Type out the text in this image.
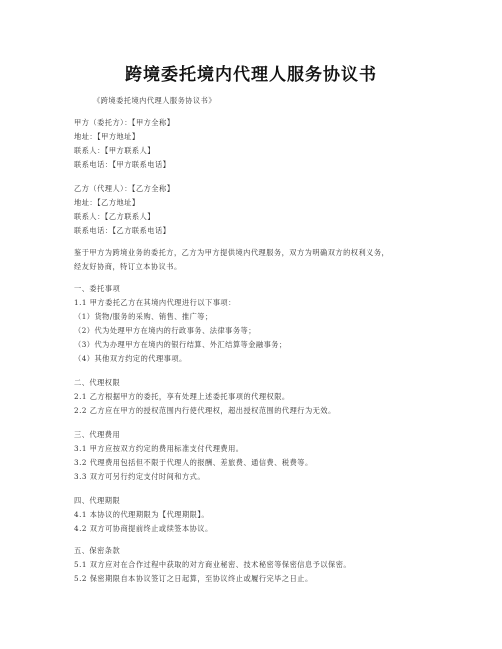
跨境委托境内代理人服务协议书
《跨境委托境内代理人服务协议书》
甲方（委托方）：【甲方全称】
地址：【甲方地址】
联系人：【甲方联系人】
联系电话：【甲方联系电话】
乙方（代理人）：【乙方全称】
地址：【乙方地址】
联系人：【乙方联系人】
联系电话：【乙方联系电话】
鉴于甲方为跨境业务的委托方，乙方为甲方提供境内代理服务，双方为明确双方的权利义务，
经友好协商，特订立本协议书。
一、委托事项
1.1 甲方委托乙方在其境内代理进行以下事项：
（1）货物/服务的采购、销售、推广等；
（2）代为处理甲方在境内的行政事务、法律事务等；
（3）代为办理甲方在境内的银行结算、外汇结算等金融事务；
（4）其他双方约定的代理事项。
二、代理权限
2.1 乙方根据甲方的委托，享有处理上述委托事项的代理权限。
2.2 乙方应在甲方的授权范围内行使代理权，超出授权范围的代理行为无效。
三、代理费用
3.1 甲方应按双方约定的费用标准支付代理费用。
3.2 代理费用包括但不限于代理人的报酬、差旅费、通信费、税费等。
3.3 双方可另行约定支付时间和方式。
四、代理期限
4.1 本协议的代理期限为【代理期限】。
4.2 双方可协商提前终止或续签本协议。
五、保密条款
5.1 双方应对在合作过程中获取的对方商业秘密、技术秘密等保密信息予以保密。
5.2 保密期限自本协议签订之日起算，至协议终止或履行完毕之日止。
